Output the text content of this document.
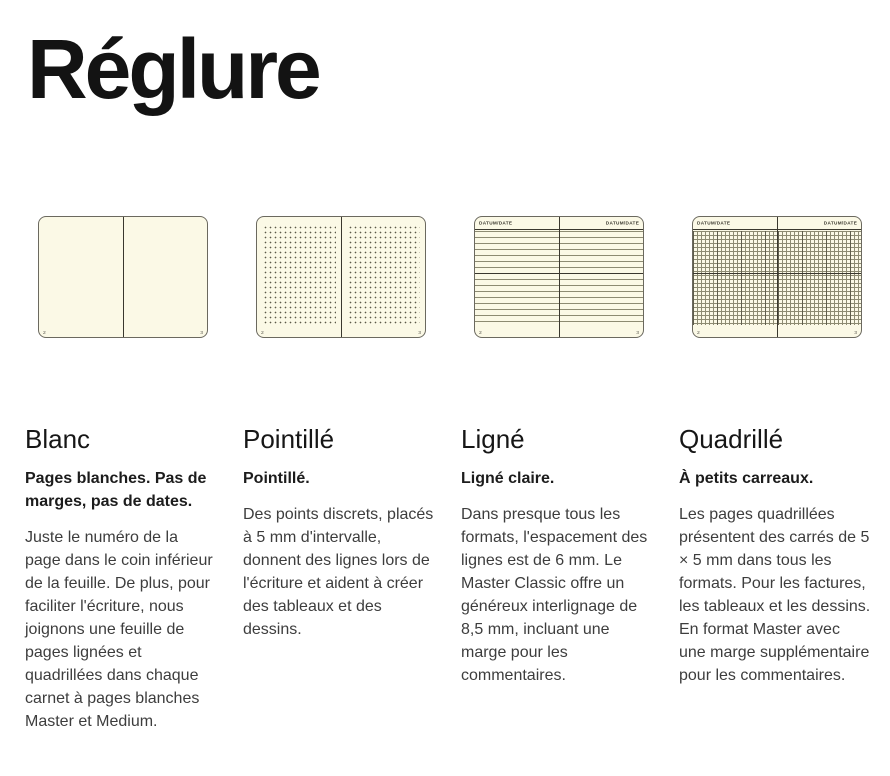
Réglure
2	3
Blanc

Pages blanches. Pas de marges, pas de dates.

Juste le numéro de la page dans le coin inférieur de la feuille. De plus, pour faciliter l'écriture, nous joignons une feuille de pages lignées et quadrillées dans chaque carnet à pages blanches Master et Medium.

2	3
Pointillé

Pointillé.

Des points discrets, placés à 5 mm d'intervalle, donnent des lignes lors de l'écriture et aident à créer des tableaux et des dessins.

DATUM/DATE
2
DATUM/DATE
3
Ligné

Ligné claire.

Dans presque tous les formats, l'espacement des lignes est de 6 mm. Le Master Classic offre un généreux interlignage de 8,5 mm, incluant une marge pour les commentaires.

DATUM/DATE
2
DATUM/DATE
3
Quadrillé

À petits carreaux.

Les pages quadrillées présentent des carrés de 5 × 5 mm dans tous les formats. Pour les factures, les tableaux et les dessins. En format Master avec une marge supplémentaire pour les commentaires.
